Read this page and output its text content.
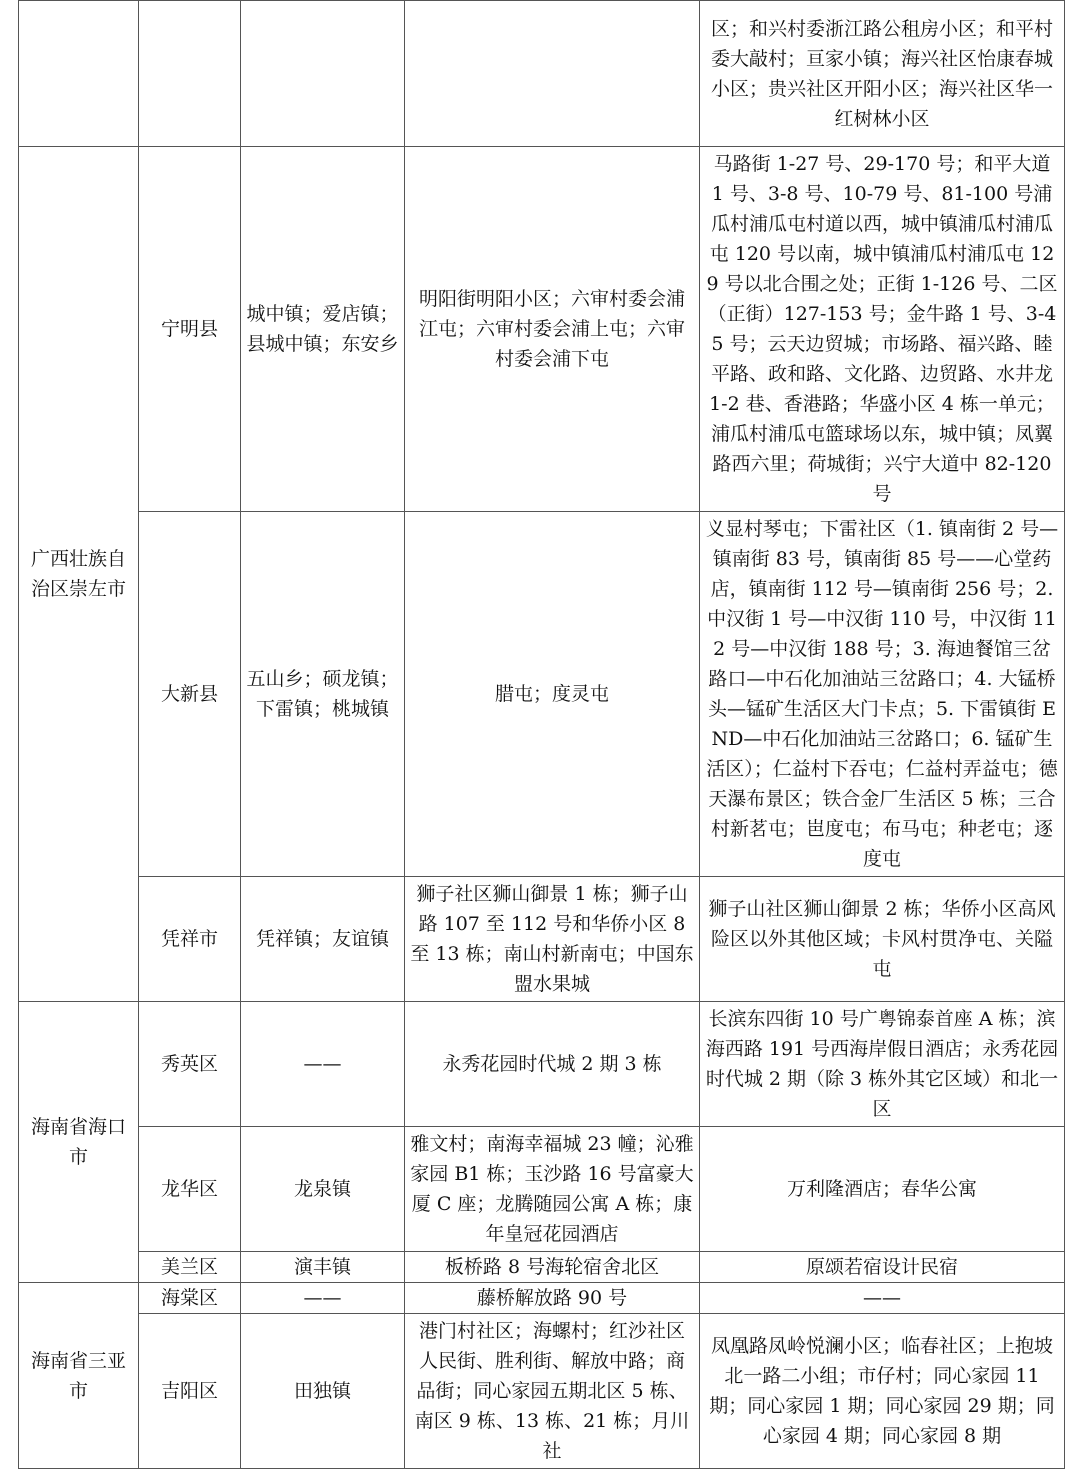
				区；和兴村委浙江路公租房小区；和平村委大敲村；亘家小镇；海兴社区怡康春城小区；贵兴社区开阳小区；海兴社区华一红树林小区
广西壮族自治区崇左市	宁明县	城中镇；爱店镇；县城中镇；东安乡	明阳街明阳小区；六审村委会浦江屯；六审村委会浦上屯；六审村委会浦下屯	马路街 1-27 号、29-170 号；和平大道 1 号、3-8 号、10-79 号、81-100 号浦瓜村浦瓜屯村道以西，城中镇浦瓜村浦瓜屯 120 号以南，城中镇浦瓜村浦瓜屯 129 号以北合围之处；正街 1-126 号、二区（正街）127-153 号；金牛路 1 号、3-45 号；云天边贸城；市场路、福兴路、睦平路、政和路、文化路、边贸路、水井龙 1-2 巷、香港路；华盛小区 4 栋一单元；浦瓜村浦瓜屯篮球场以东，城中镇；凤翼路西六里；荷城街；兴宁大道中 82-120 号
	大新县	五山乡；硕龙镇；下雷镇；桃城镇	腊屯；度灵屯	义显村琴屯；下雷社区（1. 镇南街 2 号—镇南街 83 号，镇南街 85 号——心堂药店，镇南街 112 号—镇南街 256 号；2. 中汉街 1 号—中汉街 110 号，中汉街 112 号—中汉街 188 号；3. 海迪餐馆三岔路口—中石化加油站三岔路口；4. 大锰桥头—锰矿生活区大门卡点；5. 下雷镇街 END—中石化加油站三岔路口；6. 锰矿生活区）；仁益村下吞屯；仁益村弄益屯；德天瀑布景区；铁合金厂生活区 5 栋；三合村新茗屯；岜度屯；布马屯；种老屯；逐度屯
	凭祥市	凭祥镇；友谊镇	狮子社区狮山御景 1 栋；狮子山路 107 至 112 号和华侨小区 8 至 13 栋；南山村新南屯；中国东盟水果城	狮子山社区狮山御景 2 栋；华侨小区高风险区以外其他区域；卡风村贯净屯、关隘屯
海南省海口市	秀英区	——	永秀花园时代城 2 期 3 栋	长滨东四街 10 号广粤锦泰首座 A 栋；滨海西路 191 号西海岸假日酒店；永秀花园时代城 2 期（除 3 栋外其它区域）和北一区
	龙华区	龙泉镇	雅文村；南海幸福城 23 幢；沁雅家园 B1 栋；玉沙路 16 号富豪大厦 C 座；龙腾随园公寓 A 栋；康年皇冠花园酒店	万利隆酒店；春华公寓
	美兰区	演丰镇	板桥路 8 号海轮宿舍北区	原颂若宿设计民宿
海南省三亚市	海棠区	——	藤桥解放路 90 号	——
	吉阳区	田独镇	港门村社区；海螺村；红沙社区人民街、胜利街、解放中路；商品街；同心家园五期北区 5 栋、南区 9 栋、13 栋、21 栋；月川社	凤凰路凤岭悦澜小区；临春社区；上抱坡北一路二小组；市仔村；同心家园 11 期；同心家园 1 期；同心家园 29 期；同心家园 4 期；同心家园 8 期
